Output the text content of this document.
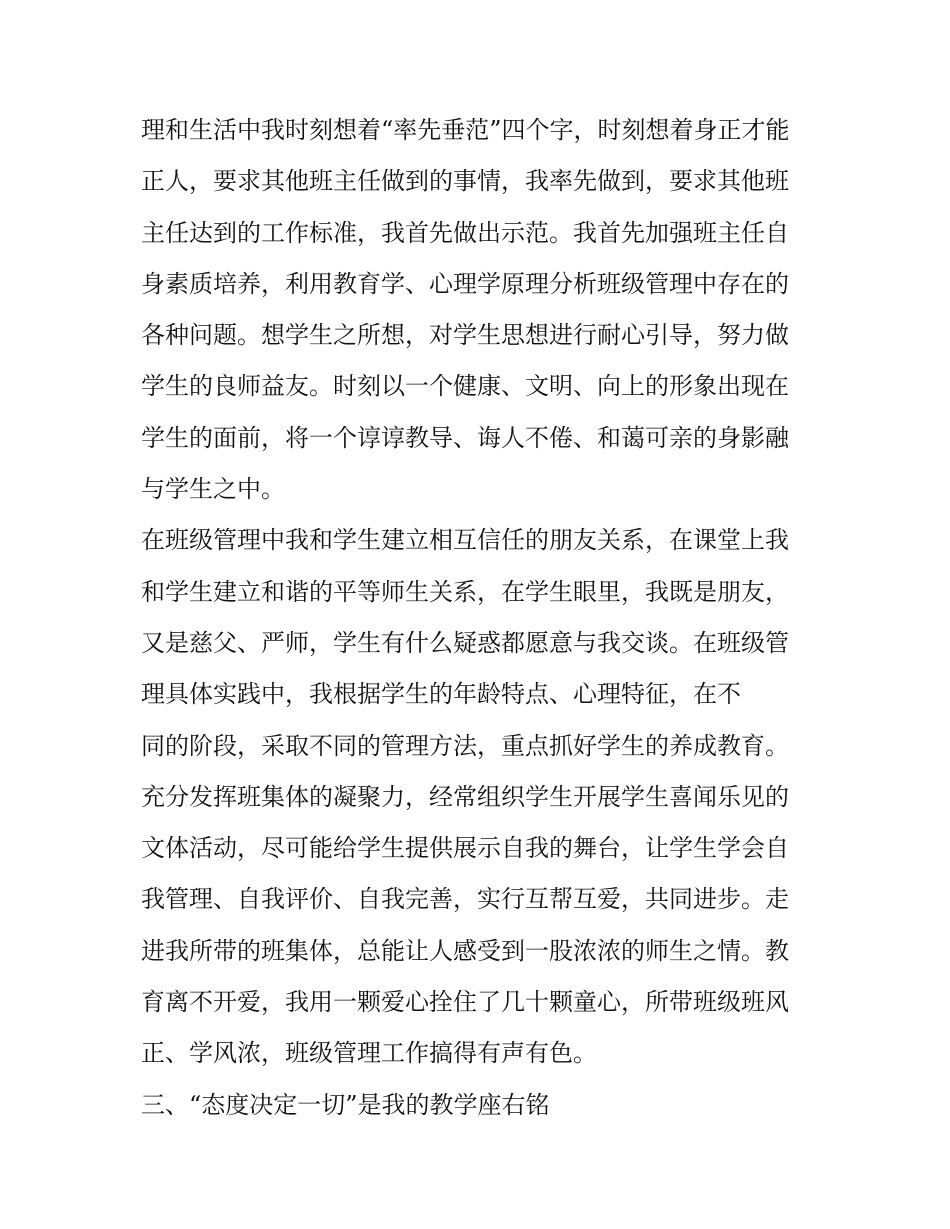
理和生活中我时刻想着“率先垂范”四个字，时刻想着身正才能
正人，要求其他班主任做到的事情，我率先做到，要求其他班
主任达到的工作标准，我首先做出示范。我首先加强班主任自
身素质培养，利用教育学、心理学原理分析班级管理中存在的
各种问题。想学生之所想，对学生思想进行耐心引导，努力做
学生的良师益友。时刻以一个健康、文明、向上的形象出现在
学生的面前，将一个谆谆教导、诲人不倦、和蔼可亲的身影融
与学生之中。
在班级管理中我和学生建立相互信任的朋友关系，在课堂上我
和学生建立和谐的平等师生关系，在学生眼里，我既是朋友，
又是慈父、严师，学生有什么疑惑都愿意与我交谈。在班级管
理具体实践中，我根据学生的年龄特点、心理特征，在不
同的阶段，采取不同的管理方法，重点抓好学生的养成教育。
充分发挥班集体的凝聚力，经常组织学生开展学生喜闻乐见的
文体活动，尽可能给学生提供展示自我的舞台，让学生学会自
我管理、自我评价、自我完善，实行互帮互爱，共同进步。走
进我所带的班集体，总能让人感受到一股浓浓的师生之情。教
育离不开爱，我用一颗爱心拴住了几十颗童心，所带班级班风
正、学风浓，班级管理工作搞得有声有色。
三、“态度决定一切”是我的教学座右铭
